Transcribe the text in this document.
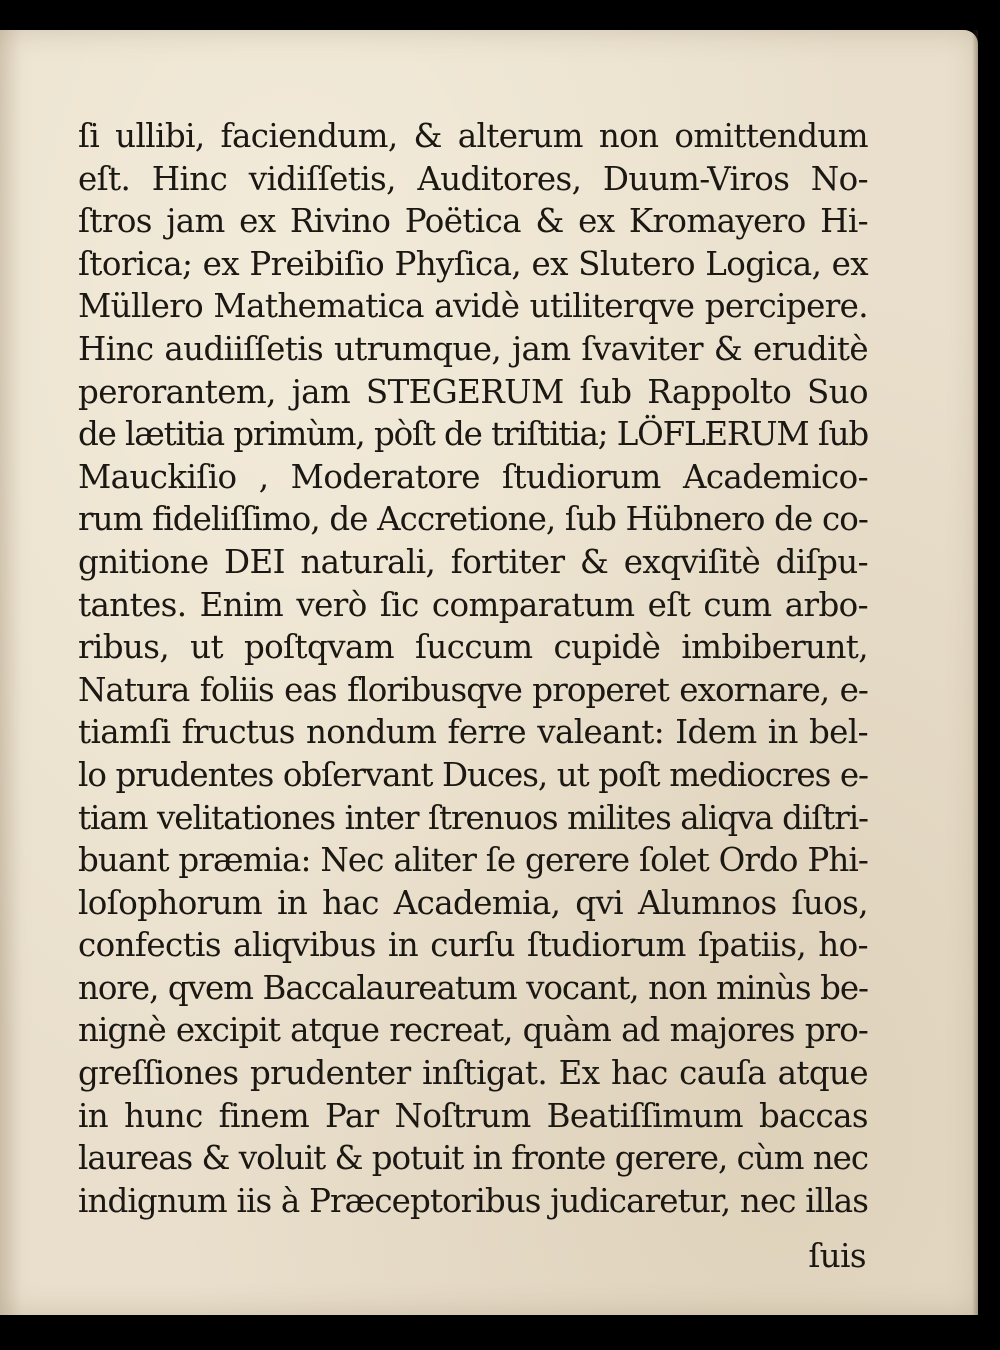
ſi ullibi, faciendum, & alterum non omittendum
eſt. Hinc vidiſſetis, Auditores, Duum-Viros No-
ſtros jam ex Rivino Poëtica & ex Kromayero Hi-
ſtorica; ex Preibiſio Phyſica, ex Slutero Logica, ex
Müllero Mathematica avidè utiliterqve percipere.
Hinc audiiſſetis utrumque, jam ſvaviter & eruditè
perorantem, jam STEGERUM ſub Rappolto Suo
de lætitia primùm, pòſt de triſtitia; LÖFLERUM ſub
Mauckiſio , Moderatore ſtudiorum Academico-
rum fideliſſimo, de Accretione, ſub Hübnero de co-
gnitione DEI naturali, fortiter & exqviſitè diſpu-
tantes. Enim verò ſic comparatum eſt cum arbo-
ribus, ut poſtqvam ſuccum cupidè imbiberunt,
Natura foliis eas floribusqve properet exornare, e-
tiamſi fructus nondum ferre valeant: Idem in bel-
lo prudentes obſervant Duces, ut poſt mediocres e-
tiam velitationes inter ſtrenuos milites aliqva diſtri-
buant præmia: Nec aliter ſe gerere ſolet Ordo Phi-
loſophorum in hac Academia, qvi Alumnos ſuos,
confectis aliqvibus in curſu ſtudiorum ſpatiis, ho-
nore, qvem Baccalaureatum vocant, non minùs be-
nignè excipit atque recreat, quàm ad majores pro-
greſſiones prudenter inſtigat. Ex hac cauſa atque
in hunc finem Par Noſtrum Beatiſſimum baccas
laureas & voluit & potuit in fronte gerere, cùm nec
indignum iis à Præceptoribus judicaretur, nec illas
ſuis
